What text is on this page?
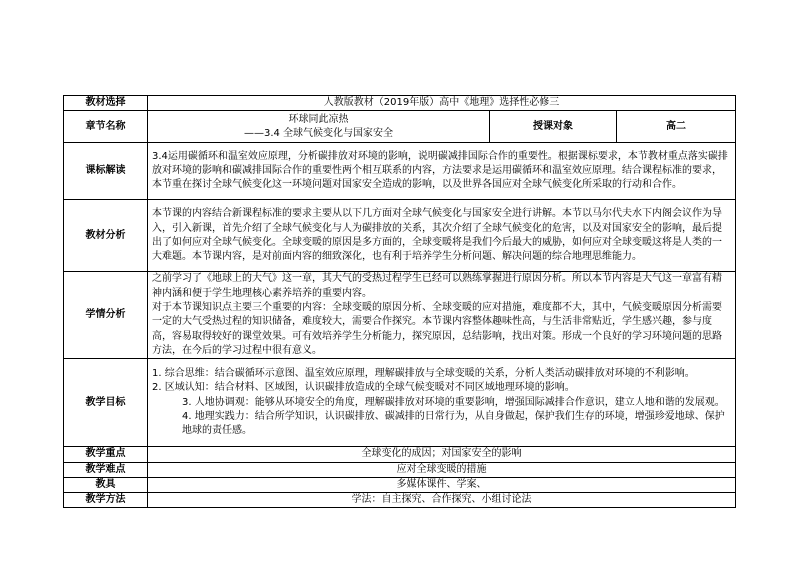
教材选择	人教版教材（2019年版）高中《地理》选择性必修三		
章节名称	环球同此凉热
——3.4 全球气候变化与国家安全	授课对象	高二
课标解读	3.4运用碳循环和温室效应原理，分析碳排放对环境的影响，说明碳减排国际合作的重要性。根据课标要求，本节教材重点落实碳排放对环境的影响和碳减排国际合作的重要性两个相互联系的内容，方法要求是运用碳循环和温室效应原理。结合课程标准的要求，本节重在探讨全球气候变化这一环境问题对国家安全造成的影响，以及世界各国应对全球气候变化所采取的行动和合作。		
教材分析	本节课的内容结合新课程标准的要求主要从以下几方面对全球气候变化与国家安全进行讲解。本节以马尔代夫水下内阁会议作为导入，引入新课，首先介绍了全球气候变化与人为碳排放的关系，其次介绍了全球气候变化的危害，以及对国家安全的影响，最后提出了如何应对全球气候变化。全球变暖的原因是多方面的，全球变暖将是我们今后最大的威胁，如何应对全球变暖这将是人类的一大难题。本节课内容，是对前面内容的细致深化，也有利于培养学生分析问题、解决问题的综合地理思维能力。		
学情分析	之前学习了《地球上的大气》这一章，其大气的受热过程学生已经可以熟练掌握进行原因分析。所以本节内容是大气这一章富有精神内涵和便于学生地理核心素养培养的重要内容。
对于本节课知识点主要三个重要的内容：全球变暖的原因分析、全球变暖的应对措施，难度都不大，其中，气候变暖原因分析需要一定的大气受热过程的知识储备，难度较大，需要合作探究。本节课内容整体趣味性高，与生活非常贴近，学生感兴趣，参与度高，容易取得较好的课堂效果。可有效培养学生分析能力，探究原因，总结影响，找出对策。形成一个良好的学习环境问题的思路方法，在今后的学习过程中很有意义。		

教学目标	1. 综合思维：结合碳循环示意图、温室效应原理，理解碳排放与全球变暖的关系，分析人类活动碳排放对环境的不利影响。
2. 区域认知：结合材料、区域图，认识碳排放造成的全球气候变暖对不同区域地理环境的影响。
3. 人地协调观：能够从环境安全的角度，理解碳排放对环境的重要影响，增强国际减排合作意识，建立人地和谐的发展观。
4. 地理实践力：结合所学知识，认识碳排放、碳减排的日常行为，从自身做起，保护我们生存的环境，增强珍爱地球、保护地球的责任感。		

教学重点	全球变化的成因；对国家安全的影响		
教学难点	应对全球变暖的措施		
教具	多媒体课件、学案、		
教学方法	学法：自主探究、合作探究、小组讨论法		
